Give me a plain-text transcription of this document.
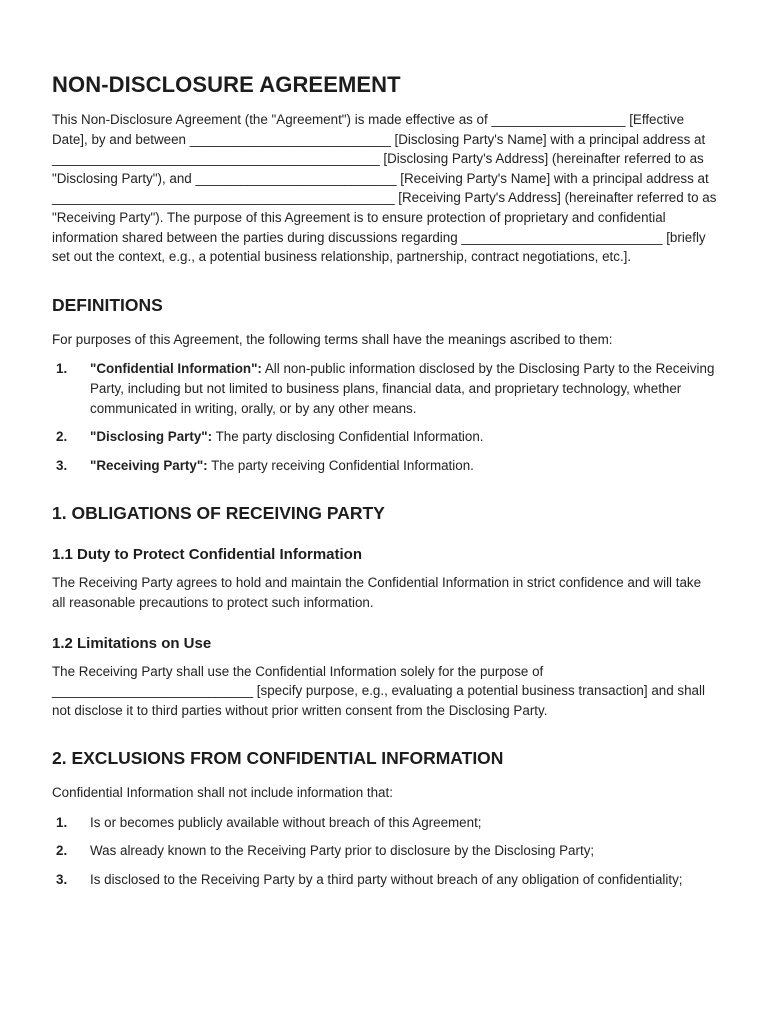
NON-DISCLOSURE AGREEMENT

This Non-Disclosure Agreement (the "Agreement") is made effective as of __________________ [Effective Date], by and between ___________________________ [Disclosing Party's Name] with a principal address at ____________________________________________ [Disclosing Party's Address] (hereinafter referred to as "Disclosing Party"), and ___________________________ [Receiving Party's Name] with a principal address at ______________________________________________ [Receiving Party's Address] (hereinafter referred to as "Receiving Party"). The purpose of this Agreement is to ensure protection of proprietary and confidential information shared between the parties during discussions regarding ___________________________ [briefly set out the context, e.g., a potential business relationship, partnership, contract negotiations, etc.].

DEFINITIONS

For purposes of this Agreement, the following terms shall have the meanings ascribed to them:

1.	"Confidential Information": All non-public information disclosed by the Disclosing Party to the Receiving Party, including but not limited to business plans, financial data, and proprietary technology, whether communicated in writing, orally, or by any other means.
2.	"Disclosing Party": The party disclosing Confidential Information.
3.	"Receiving Party": The party receiving Confidential Information.
1. OBLIGATIONS OF RECEIVING PARTY
1.1 Duty to Protect Confidential Information

The Receiving Party agrees to hold and maintain the Confidential Information in strict confidence and will take all reasonable precautions to protect such information.

1.2 Limitations on Use

The Receiving Party shall use the Confidential Information solely for the purpose of ___________________________ [specify purpose, e.g., evaluating a potential business transaction] and shall not disclose it to third parties without prior written consent from the Disclosing Party.

2. EXCLUSIONS FROM CONFIDENTIAL INFORMATION

Confidential Information shall not include information that:

1.	Is or becomes publicly available without breach of this Agreement;
2.	Was already known to the Receiving Party prior to disclosure by the Disclosing Party;
3.	Is disclosed to the Receiving Party by a third party without breach of any obligation of confidentiality;
